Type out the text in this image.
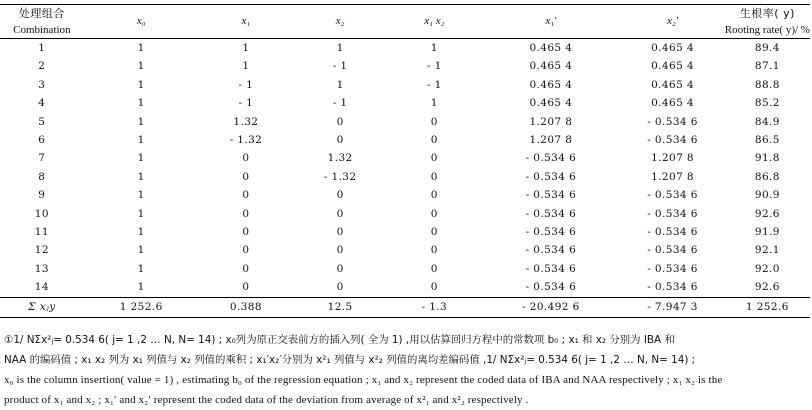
处理组合	x₀	x₁	x₂	x₁ x₂	x₁′	x₂′	生根率( y)
Combination							Rooting rate( y)/ %
1	1	1	1	1	0.465 4	0.465 4	89.4
2	1	1	- 1	- 1	0.465 4	0.465 4	87.1
3	1	- 1	1	- 1	0.465 4	0.465 4	88.8
4	1	- 1	- 1	1	0.465 4	0.465 4	85.2
5	1	1.32	0	0	1.207 8	- 0.534 6	84.9
6	1	- 1.32	0	0	1.207 8	- 0.534 6	86.5
7	1	0	1.32	0	- 0.534 6	1.207 8	91.8
8	1	0	- 1.32	0	- 0.534 6	1.207 8	86.8
9	1	0	0	0	- 0.534 6	- 0.534 6	90.9
10	1	0	0	0	- 0.534 6	- 0.534 6	92.6
11	1	0	0	0	- 0.534 6	- 0.534 6	91.9
12	1	0	0	0	- 0.534 6	- 0.534 6	92.1
13	1	0	0	0	- 0.534 6	- 0.534 6	92.0
14	1	0	0	0	- 0.534 6	- 0.534 6	92.6
Σ xⱼy	1 252.6	0.388	12.5	- 1.3	- 20.492 6	- 7.947 3	1 252.6
①1/ NΣx²ⱼ= 0.534 6( j= 1 ,2 … N, N= 14) ; x₀列为原正交表前方的插入列( 全为 1) ,用以估算回归方程中的常数项 b₀ ; x₁ 和 x₂ 分别为 IBA 和
NAA 的编码值 ; x₁ x₂ 列为 x₁ 列值与 x₂ 列值的乘积 ; x₁′x₂′分别为 x²₁ 列值与 x²₂ 列值的离均差编码值 ,1/ NΣx²ⱼ= 0.534 6( j= 1 ,2 … N, N= 14) ;
x₀ is the column insertion( value = 1) , estimating b₀ of the regression equation ; x₁ and x₂ represent the coded data of IBA and NAA respectively ; x₁ x₂ is the
product of x₁ and x₂ ; x₁′ and x₂′ represent the coded data of the deviation from average of x²₁ and x²₂ respectively .
